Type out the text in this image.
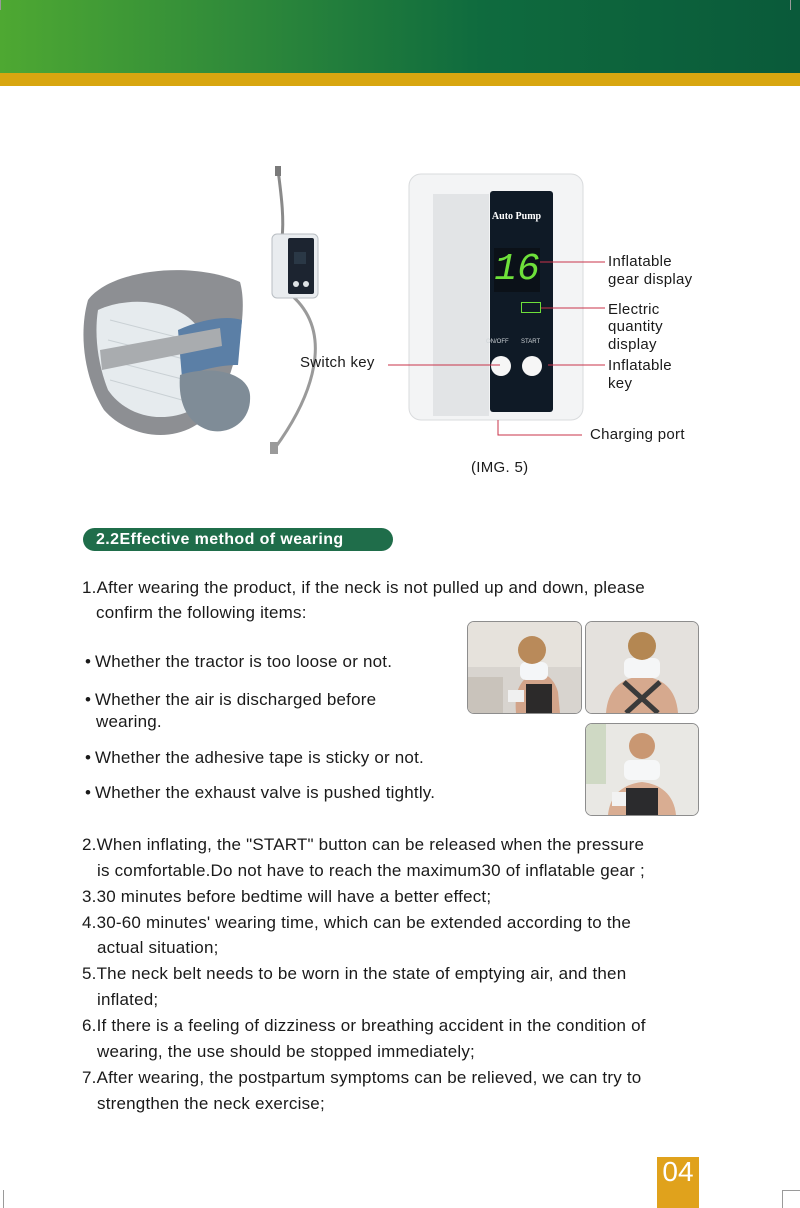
Auto Pump
16
ON/OFF START
Inflatable
gear display
Electric
quantity
display
Inflatable
key
Switch key
Charging port
(IMG. 5)
2.2Effective method of wearing
1.After wearing the product, if the neck is not pulled up and down, please
confirm the following items:
• Whether the tractor is too loose or not.
• Whether the air is discharged before
wearing.
• Whether the adhesive tape is sticky or not.
• Whether the exhaust valve is pushed tightly.
2.When inflating, the "START" button can be released when the pressure
is comfortable.Do not have to reach the maximum30 of inflatable gear ;
3.30 minutes before bedtime will have a better effect;
4.30-60 minutes' wearing time, which can be extended according to the
actual situation;
5.The neck belt needs to be worn in the state of emptying air, and then
inflated;
6.If there is a feeling of dizziness or breathing accident in the condition of
wearing, the use should be stopped immediately;
7.After wearing, the postpartum symptoms can be relieved, we can try to
strengthen the neck exercise;
04
